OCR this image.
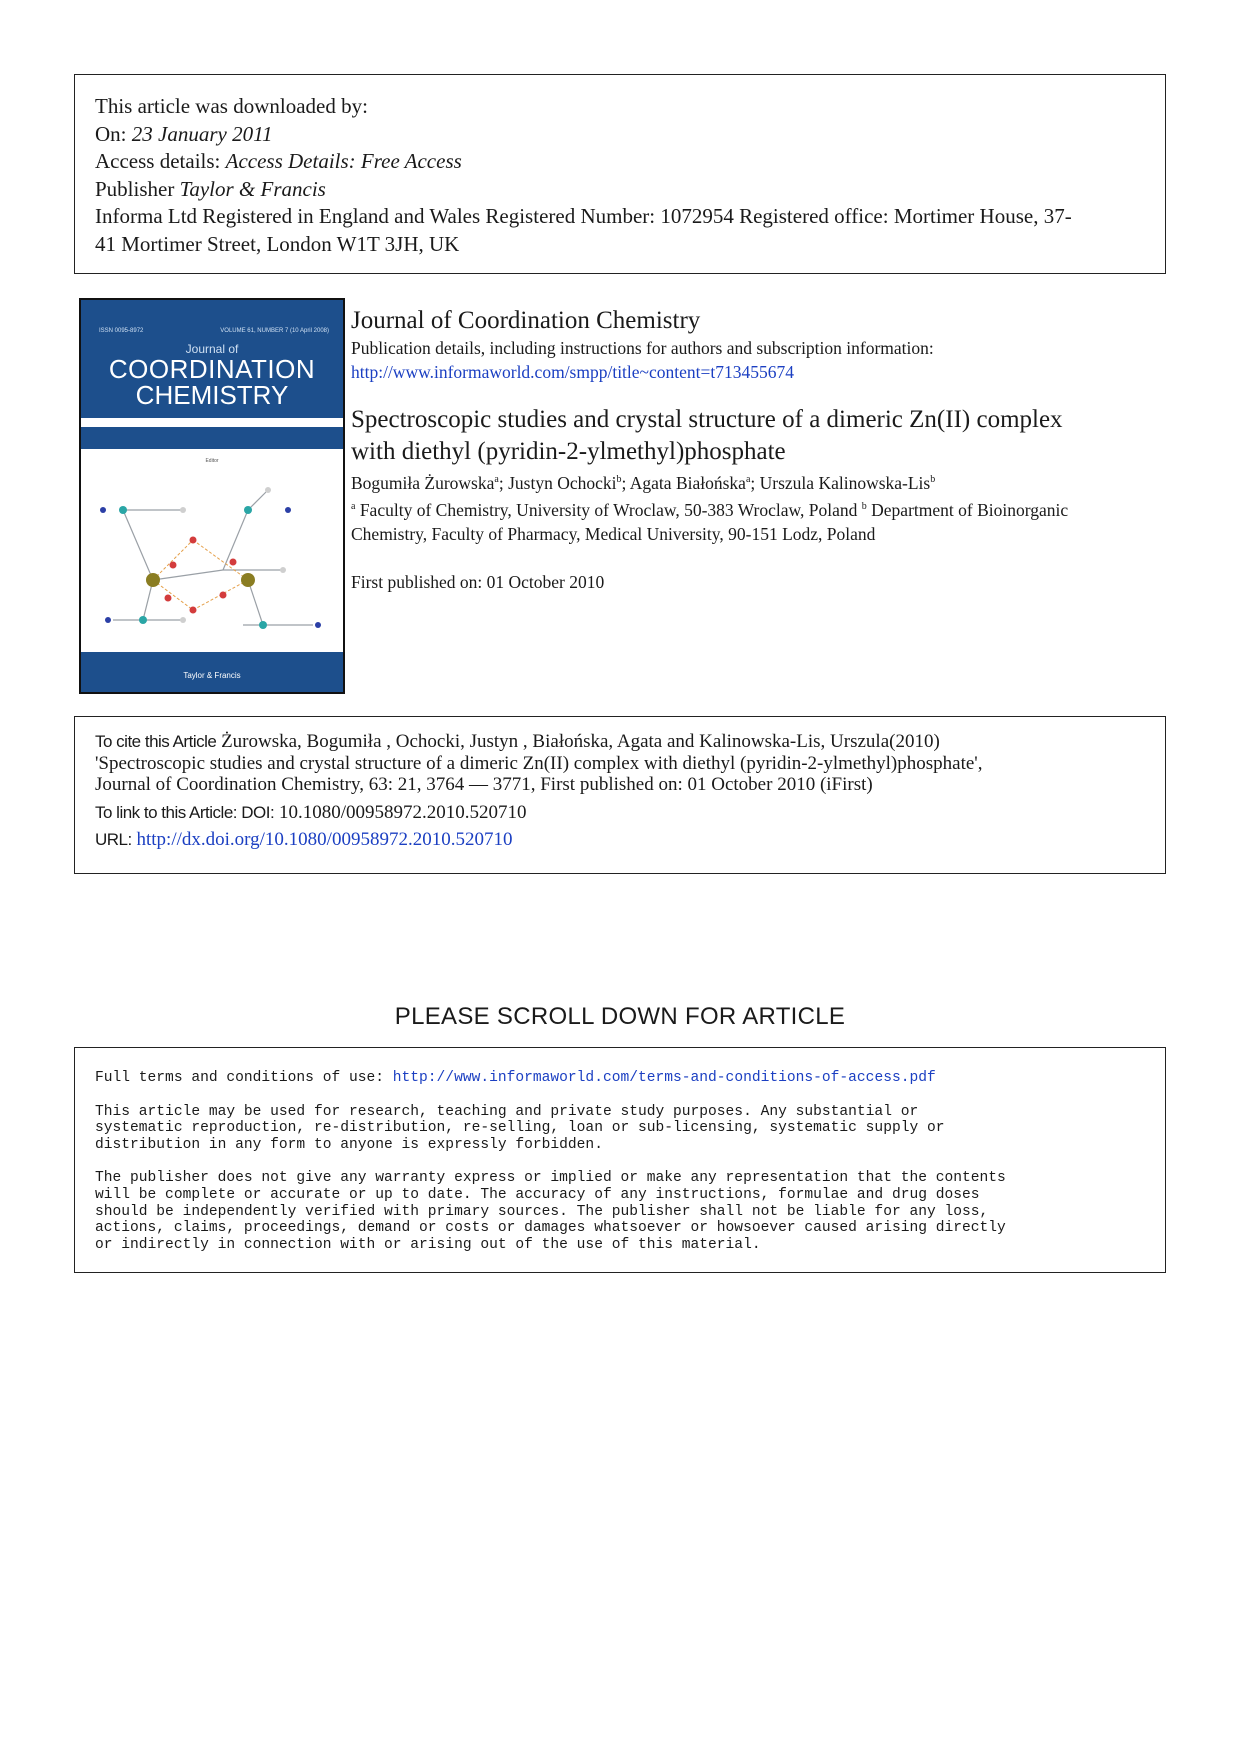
This article was downloaded by:
On: 23 January 2011
Access details: Access Details: Free Access
Publisher Taylor & Francis
Informa Ltd Registered in England and Wales Registered Number: 1072954 Registered office: Mortimer House, 37-
41 Mortimer Street, London W1T 3JH, UK
ISSN 0095-8972	VOLUME 61, NUMBER 7 (10 April 2008)
Journal of
COORDINATION
CHEMISTRY
Editor
Taylor & Francis
Journal of Coordination Chemistry
Publication details, including instructions for authors and subscription information:
http://www.informaworld.com/smpp/title~content=t713455674
Spectroscopic studies and crystal structure of a dimeric Zn(II) complex
with diethyl (pyridin-2-ylmethyl)phosphate
Bogumiła Żurowska$^a$; Justyn Ochocki$^b$; Agata Białońska$^a$; Urszula Kalinowska-Lis$^b$
$^a$ Faculty of Chemistry, University of Wroclaw, 50-383 Wroclaw, Poland $^b$ Department of Bioinorganic
Chemistry, Faculty of Pharmacy, Medical University, 90-151 Lodz, Poland
First published on: 01 October 2010
To cite this Article Żurowska, Bogumiła , Ochocki, Justyn , Białońska, Agata and Kalinowska-Lis, Urszula(2010)
'Spectroscopic studies and crystal structure of a dimeric Zn(II) complex with diethyl (pyridin-2-ylmethyl)phosphate',
Journal of Coordination Chemistry, 63: 21, 3764 — 3771, First published on: 01 October 2010 (iFirst)
To link to this Article: DOI: 10.1080/00958972.2010.520710
URL: http://dx.doi.org/10.1080/00958972.2010.520710
PLEASE SCROLL DOWN FOR ARTICLE

Full terms and conditions of use: http://www.informaworld.com/terms-and-conditions-of-access.pdf

This article may be used for research, teaching and private study purposes. Any substantial or
systematic reproduction, re-distribution, re-selling, loan or sub-licensing, systematic supply or
distribution in any form to anyone is expressly forbidden.

The publisher does not give any warranty express or implied or make any representation that the contents
will be complete or accurate or up to date. The accuracy of any instructions, formulae and drug doses
should be independently verified with primary sources. The publisher shall not be liable for any loss,
actions, claims, proceedings, demand or costs or damages whatsoever or howsoever caused arising directly
or indirectly in connection with or arising out of the use of this material.
